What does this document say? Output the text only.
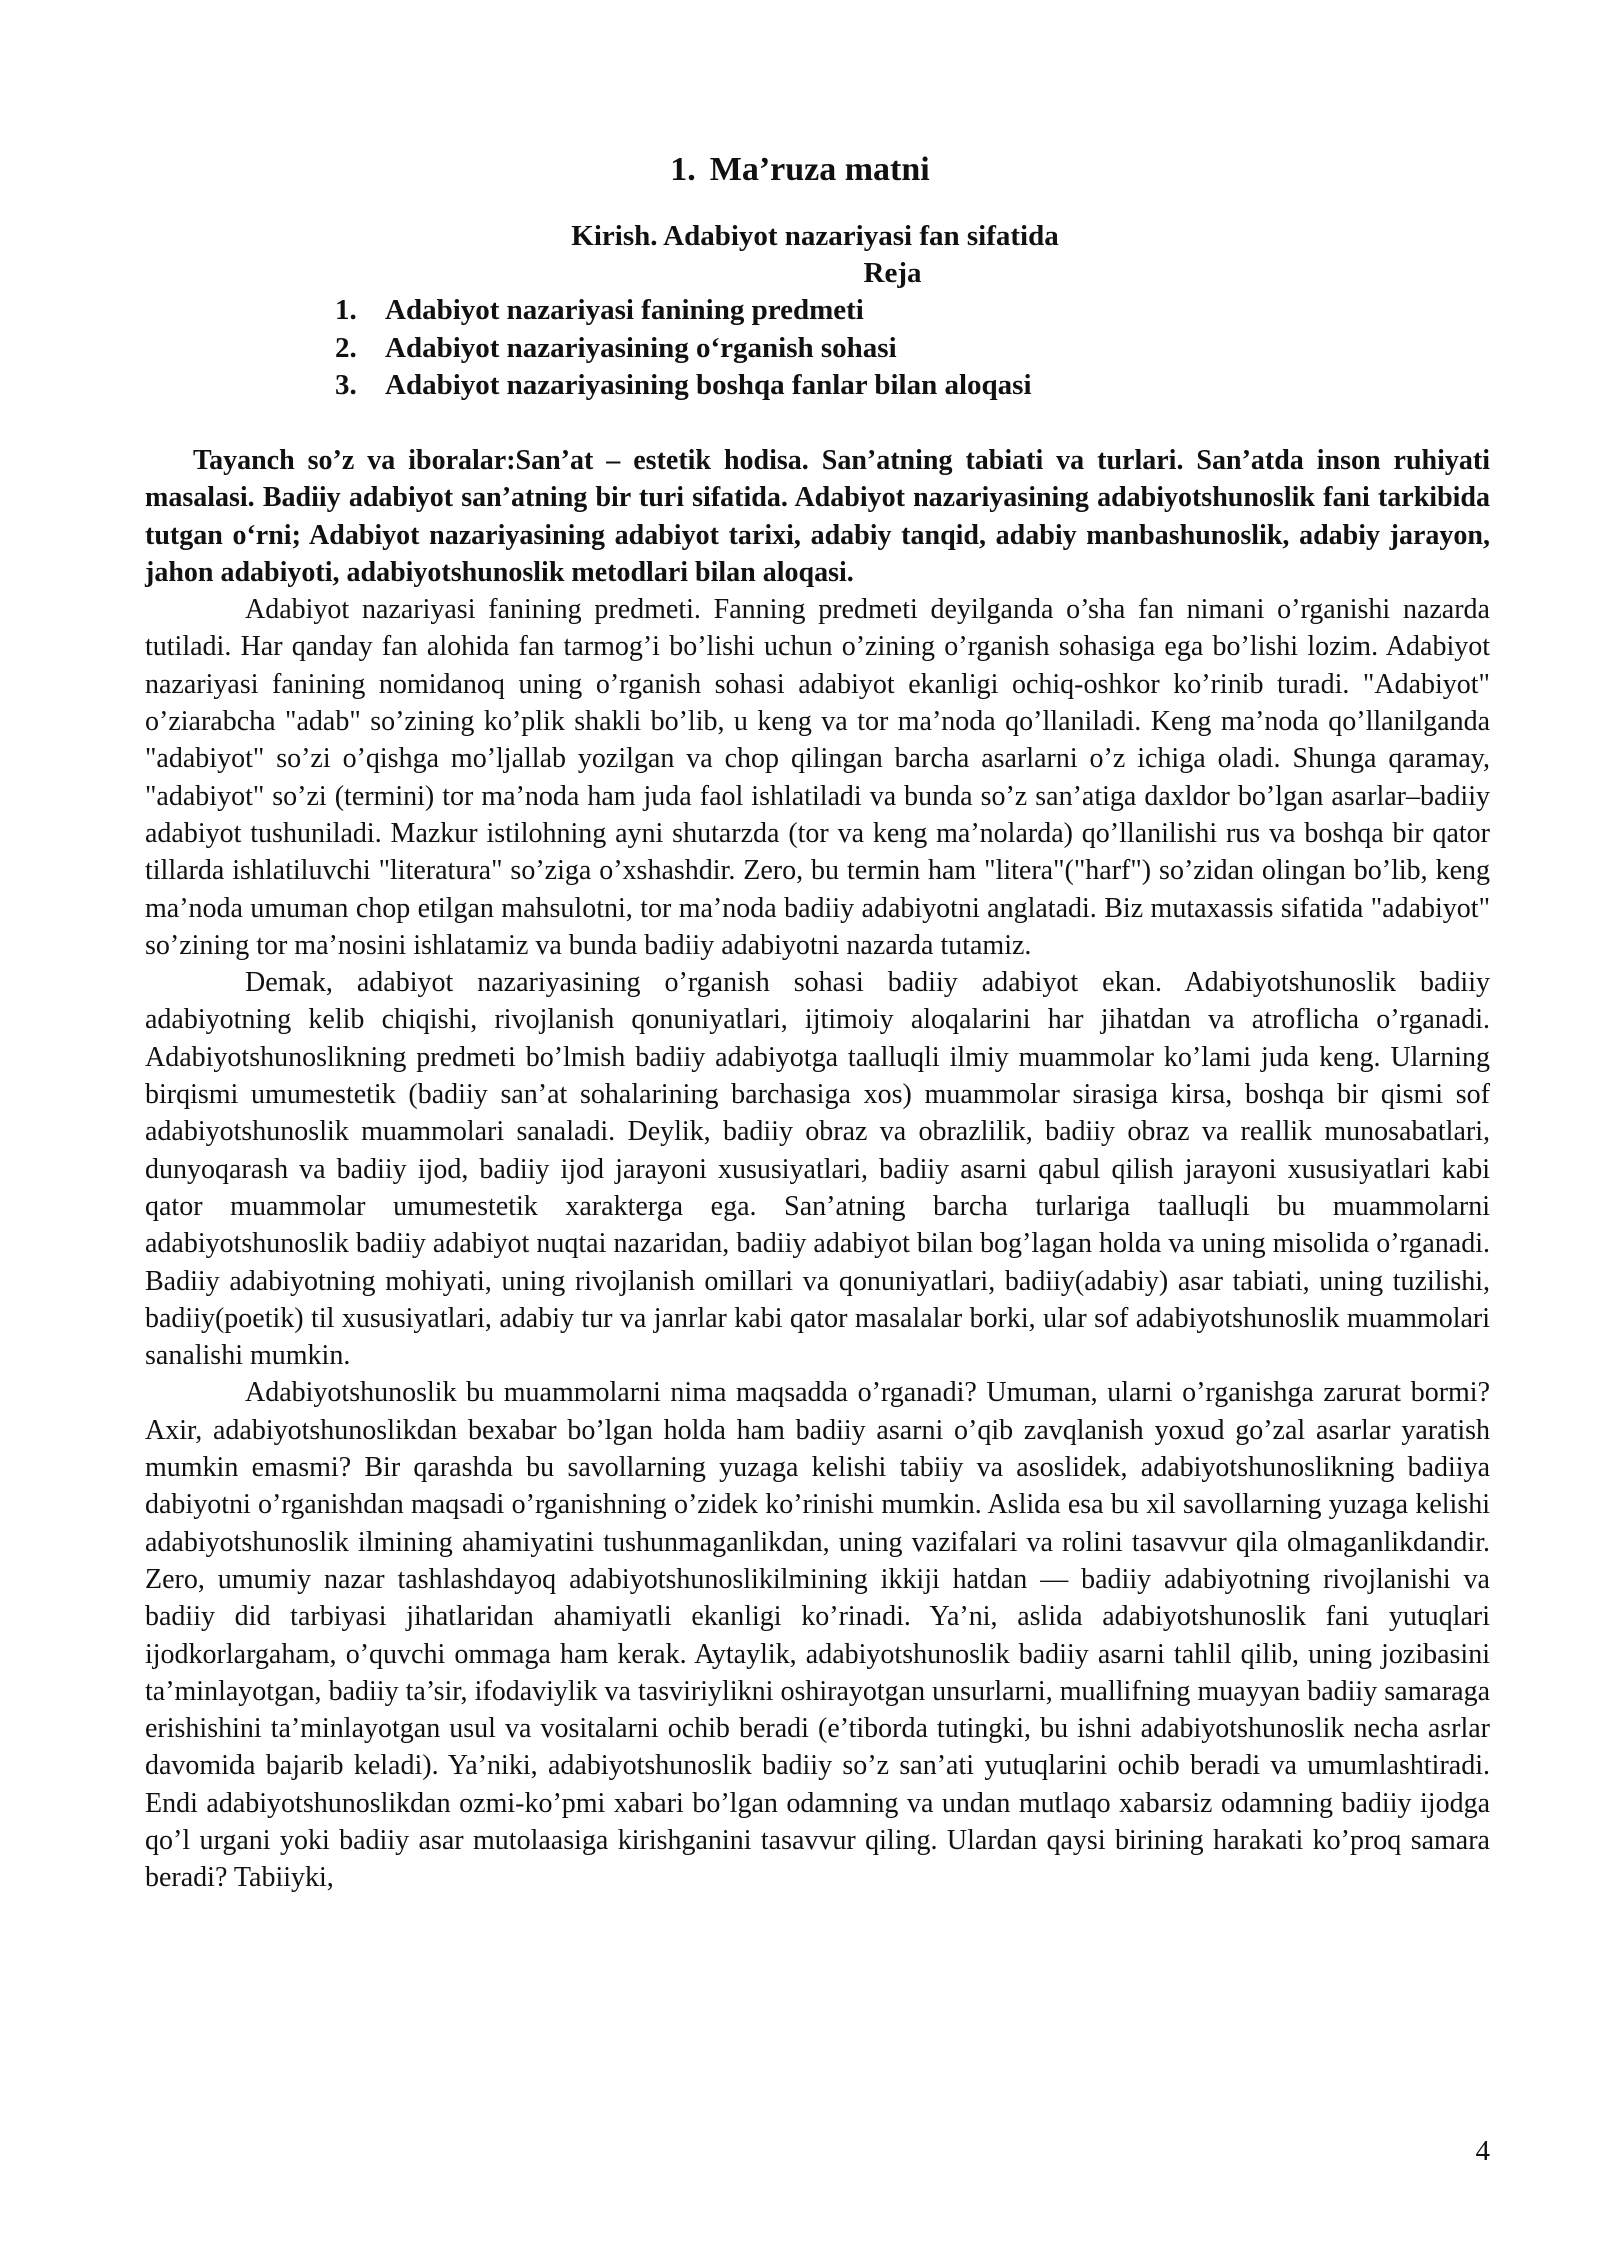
1. Ma’ruza matni

Kirish. Adabiyot nazariyasi fan sifatida

Reja

1. Adabiyot nazariyasi fanining predmeti
2. Adabiyot nazariyasining o‘rganish sohasi
3. Adabiyot nazariyasining boshqa fanlar bilan aloqasi

Tayanch so’z va iboralar:San’at – estetik hodisa. San’atning tabiati va turlari. San’atda inson ruhiyati masalasi. Badiiy adabiyot san’atning bir turi sifatida. Adabiyot nazariyasining adabiyotshunoslik fani tarkibida tutgan o‘rni; Adabiyot nazariyasining adabiyot tarixi, adabiy tanqid, adabiy manbashunoslik, adabiy jarayon, jahon adabiyoti, adabiyotshunoslik metodlari bilan aloqasi.

Adabiyot nazariyasi fanining predmeti. Fanning predmeti deyilganda o’sha fan nimani o’rganishi nazarda tutiladi. Har qanday fan alohida fan tarmog’i bo’lishi uchun o’zining o’rganish sohasiga ega bo’lishi lozim. Adabiyot nazariyasi fanining nomidanoq uning o’rganish sohasi adabiyot ekanligi ochiq-oshkor ko’rinib turadi. "Adabiyot" o’ziarabcha "adab" so’zining ko’plik shakli bo’lib, u keng va tor ma’noda qo’llaniladi. Keng ma’noda qo’llanilganda "adabiyot" so’zi o’qishga mo’ljallab yozilgan va chop qilingan barcha asarlarni o’z ichiga oladi. Shunga qaramay, "adabiyot" so’zi (termini) tor ma’noda ham juda faol ishlatiladi va bunda so’z san’atiga daxldor bo’lgan asarlar–badiiy adabiyot tushuniladi. Mazkur istilohning ayni shutarzda (tor va keng ma’nolarda) qo’llanilishi rus va boshqa bir qator tillarda ishlatiluvchi "literatura" so’ziga o’xshashdir. Zero, bu termin ham "litera"("harf") so’zidan olingan bo’lib, keng ma’noda umuman chop etilgan mahsulotni, tor ma’noda badiiy adabiyotni anglatadi. Biz mutaxassis sifatida "adabiyot" so’zining tor ma’nosini ishlatamiz va bunda badiiy adabiyotni nazarda tutamiz.

Demak, adabiyot nazariyasining o’rganish sohasi badiiy adabiyot ekan. Adabiyotshunoslik badiiy adabiyotning kelib chiqishi, rivojlanish qonuniyatlari, ijtimoiy aloqalarini har jihatdan va atroflicha o’rganadi. Adabiyotshunoslikning predmeti bo’lmish badiiy adabiyotga taalluqli ilmiy muammolar ko’lami juda keng. Ularning birqismi umumestetik (badiiy san’at sohalarining barchasiga xos) muammolar sirasiga kirsa, boshqa bir qismi sof adabiyotshunoslik muammolari sanaladi. Deylik, badiiy obraz va obrazlilik, badiiy obraz va reallik munosabatlari, dunyoqarash va badiiy ijod, badiiy ijod jarayoni xususiyatlari, badiiy asarni qabul qilish jarayoni xususiyatlari kabi qator muammolar umumestetik xarakterga ega. San’atning barcha turlariga taalluqli bu muammolarni adabiyotshunoslik badiiy adabiyot nuqtai nazaridan, badiiy adabiyot bilan bog’lagan holda va uning misolida o’rganadi. Badiiy adabiyotning mohiyati, uning rivojlanish omillari va qonuniyatlari, badiiy(adabiy) asar tabiati, uning tuzilishi, badiiy(poetik) til xususiyatlari, adabiy tur va janrlar kabi qator masalalar borki, ular sof adabiyotshunoslik muammolari sanalishi mumkin.

Adabiyotshunoslik bu muammolarni nima maqsadda o’rganadi? Umuman, ularni o’rganishga zarurat bormi? Axir, adabiyotshunoslikdan bexabar bo’lgan holda ham badiiy asarni o’qib zavqlanish yoxud go’zal asarlar yaratish mumkin emasmi? Bir qarashda bu savollarning yuzaga kelishi tabiiy va asoslidek, adabiyotshunoslikning badiiya dabiyotni o’rganishdan maqsadi o’rganishning o’zidek ko’rinishi mumkin. Aslida esa bu xil savollarning yuzaga kelishi adabiyotshunoslik ilmining ahamiyatini tushunmaganlikdan, uning vazifalari va rolini tasavvur qila olmaganlikdandir. Zero, umumiy nazar tashlashdayoq adabiyotshunoslikilmining ikkiji hatdan — badiiy adabiyotning rivojlanishi va badiiy did tarbiyasi jihatlaridan ahamiyatli ekanligi ko’rinadi. Ya’ni, aslida adabiyotshunoslik fani yutuqlari ijodkorlargaham, o’quvchi ommaga ham kerak. Aytaylik, adabiyotshunoslik badiiy asarni tahlil qilib, uning jozibasini ta’minlayotgan, badiiy ta’sir, ifodaviylik va tasviriylikni oshirayotgan unsurlarni, muallifning muayyan badiiy samaraga erishishini ta’minlayotgan usul va vositalarni ochib beradi (e’tiborda tutingki, bu ishni adabiyotshunoslik necha asrlar davomida bajarib keladi). Ya’niki, adabiyotshunoslik badiiy so’z san’ati yutuqlarini ochib beradi va umumlashtiradi. Endi adabiyotshunoslikdan ozmi-ko’pmi xabari bo’lgan odamning va undan mutlaqo xabarsiz odamning badiiy ijodga qo’l urgani yoki badiiy asar mutolaasiga kirishganini tasavvur qiling. Ulardan qaysi birining harakati ko’proq samara beradi? Tabiiyki,

4
